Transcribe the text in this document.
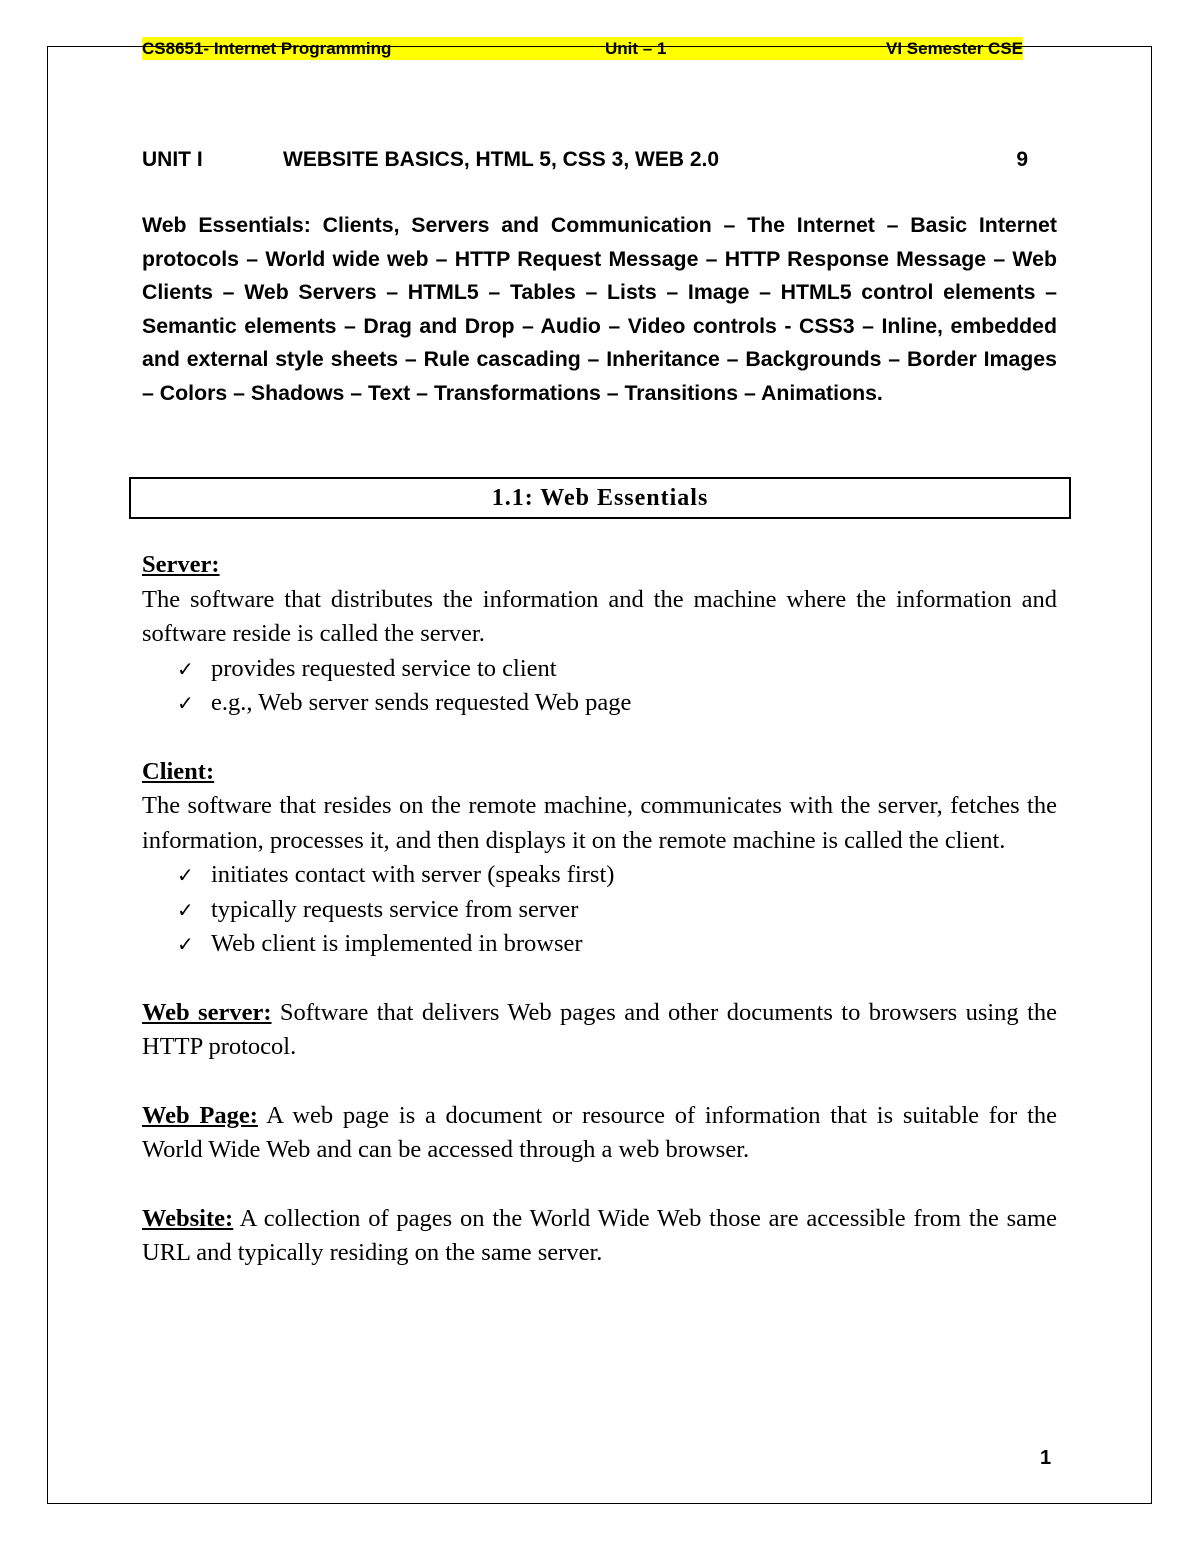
CS8651- Internet Programming	Unit – 1	VI Semester CSE
UNIT I	WEBSITE BASICS, HTML 5, CSS 3, WEB 2.0	9

Web Essentials: Clients, Servers and Communication – The Internet – Basic Internet protocols – World wide web – HTTP Request Message – HTTP Response Message – Web Clients – Web Servers – HTML5 – Tables – Lists – Image – HTML5 control elements – Semantic elements – Drag and Drop – Audio – Video controls - CSS3 – Inline, embedded and external style sheets – Rule cascading – Inheritance – Backgrounds – Border Images – Colors – Shadows – Text – Transformations – Transitions – Animations.

1.1: Web Essentials

Server:

The software that distributes the information and the machine where the information and software reside is called the server.

✓ provides requested service to client
✓ e.g., Web server sends requested Web page

Client:

The software that resides on the remote machine, communicates with the server, fetches the information, processes it, and then displays it on the remote machine is called the client.

✓ initiates contact with server (speaks first)
✓ typically requests service from server
✓ Web client is implemented in browser

Web server: Software that delivers Web pages and other documents to browsers using the HTTP protocol.

Web Page: A web page is a document or resource of information that is suitable for the World Wide Web and can be accessed through a web browser.

Website: A collection of pages on the World Wide Web those are accessible from the same URL and typically residing on the same server.

1
